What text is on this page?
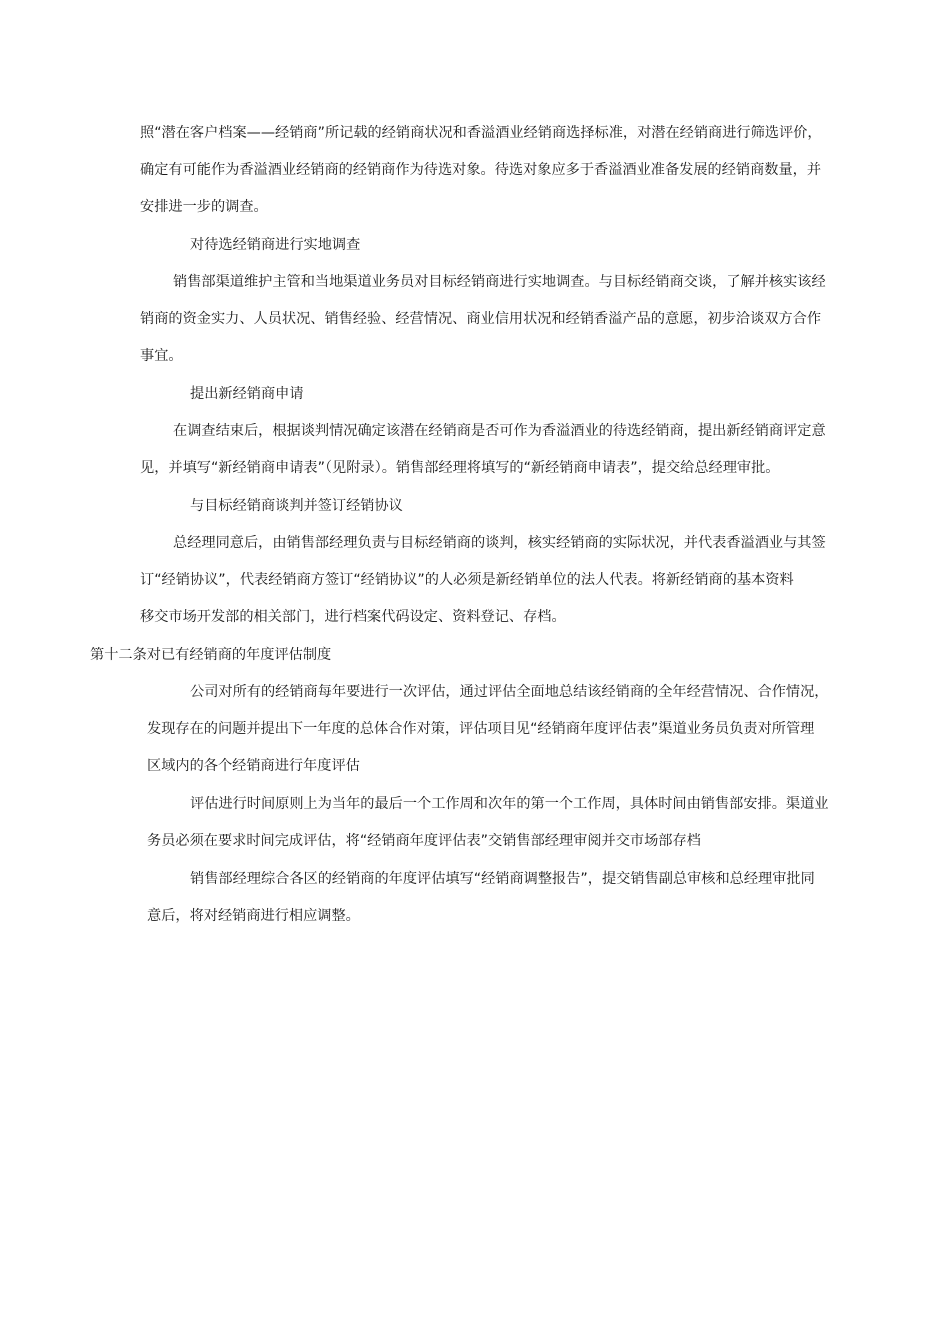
照“潜在客户档案——经销商”所记载的经销商状况和香溢酒业经销商选择标准，对潜在经销商进行筛选评价，
确定有可能作为香溢酒业经销商的经销商作为待选对象。待选对象应多于香溢酒业准备发展的经销商数量，并
安排进一步的调查。
对待选经销商进行实地调查
销售部渠道维护主管和当地渠道业务员对目标经销商进行实地调查。与目标经销商交谈，了解并核实该经
销商的资金实力、人员状况、销售经验、经营情况、商业信用状况和经销香溢产品的意愿，初步洽谈双方合作
事宜。
提出新经销商申请
在调查结束后，根据谈判情况确定该潜在经销商是否可作为香溢酒业的待选经销商，提出新经销商评定意
见，并填写“新经销商申请表”（见附录）。销售部经理将填写的“新经销商申请表”，提交给总经理审批。
与目标经销商谈判并签订经销协议
总经理同意后，由销售部经理负责与目标经销商的谈判，核实经销商的实际状况，并代表香溢酒业与其签
订“经销协议”，代表经销商方签订“经销协议”的人必须是新经销单位的法人代表。将新经销商的基本资料
移交市场开发部的相关部门，进行档案代码设定、资料登记、存档。
第十二条对已有经销商的年度评估制度
公司对所有的经销商每年要进行一次评估，通过评估全面地总结该经销商的全年经营情况、合作情况，
发现存在的问题并提出下一年度的总体合作对策，评估项目见“经销商年度评估表”渠道业务员负责对所管理
区域内的各个经销商进行年度评估
评估进行时间原则上为当年的最后一个工作周和次年的第一个工作周，具体时间由销售部安排。渠道业
务员必须在要求时间完成评估，将“经销商年度评估表”交销售部经理审阅并交市场部存档
销售部经理综合各区的经销商的年度评估填写“经销商调整报告”，提交销售副总审核和总经理审批同
意后，将对经销商进行相应调整。
